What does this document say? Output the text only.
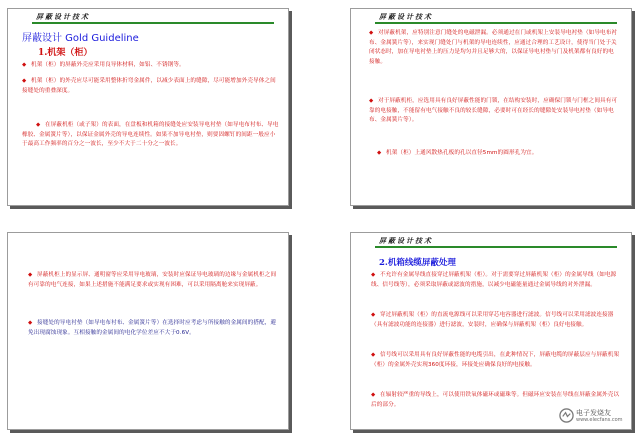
屏蔽设计技术
屏蔽设计 Gold Guideline
1.机架（柜）
◆ 机架（柜）的屏蔽外壳应采用良导体材料，如铝、不锈钢等。
◆ 机架（柜）的外壳应尽可能采用整体折弯金属件，以减少表面上的缝隙，尽可能增加外壳导体之间接缝处的重叠深度。
◆ 在屏蔽机柜（或子架）的表面，在盘板和机箱的接缝处应安装导电衬垫（如导电布衬布、导电橡胶、金属簧片等），以保证金属外壳的导电连续性。如果不加导电衬垫，则要固螺钉的间距一般应小于最高工作频率的百分之一波长，至少不大于二十分之一波长。
屏蔽设计技术
◆ 对屏蔽机架，应特别注意门缝处的电磁泄漏。必须通过在门或机架上安装导电衬垫（如导电布衬布、金属簧片等），来实现门缝处门与机架的导电连续性，应通过合理的工艺设计，使得当门处于关闭状态时，加在导电衬垫上的压力是均匀并且足够大的，以保证导电衬垫与门及机架都有良好的电接触。
◆ 对于屏蔽机柜，应选用具有良好屏蔽性能的门锁，在结构安装时，应确保门锁与门框之间具有可靠的电接触，不能留有电气接触不良的较长缝隙，必要时可在经长的缝隙处安装导电衬垫（如导电布、金属簧片等）。
◆ 机架（柜）上通风散热孔板的孔以直径5mm的圆形孔为宜。
◆ 屏蔽机柜上的显示屏、通明窗等应采用导电玻璃，安装时应保证导电玻璃的边缘与金属机柜之间有可靠的电气连接，如果上述措施不能满足要求或实现有困难，可以采用隔离舱来实现屏蔽。
◆ 接缝处的导电衬垫（如导电布衬布、金属簧片等）在选择时应考虑与所接触的金属间的搭配，避免出现腐蚀现象。互相接触的金属间的电化学位差应不大于0.6V。
屏蔽设计技术
2.机箱线缆屏蔽处理
◆ 不允许有金属导线直接穿过屏蔽机架（柜）。对于需要穿过屏蔽机架（柜）的金属导线（如电源线、信号线等），必须采取屏蔽或滤波的措施，以减少电磁能量通过金属导线的对外泄漏。
◆ 穿过屏蔽机架（柜）的直流电源线可以采用穿芯电容器进行滤波。信号线可以采用滤波连接器（具有滤波功能的连接器）进行滤波，安装时，应确保与屏蔽机架（柜）良好电接触。
◆ 信号线可以采用具有良好屏蔽性能的电缆引出，在此种情况下，屏蔽电缆的屏蔽层应与屏蔽机架（柜）的金属外壳实现360度环接，环接处应确保良好的电接触。
◆ 在辐射较严重的导线上，可以使用铁氧体磁环或磁珠等。但磁环应安装在导线在屏蔽金属外壳以后的部分。
电子发烧友
www.elecfans.com
